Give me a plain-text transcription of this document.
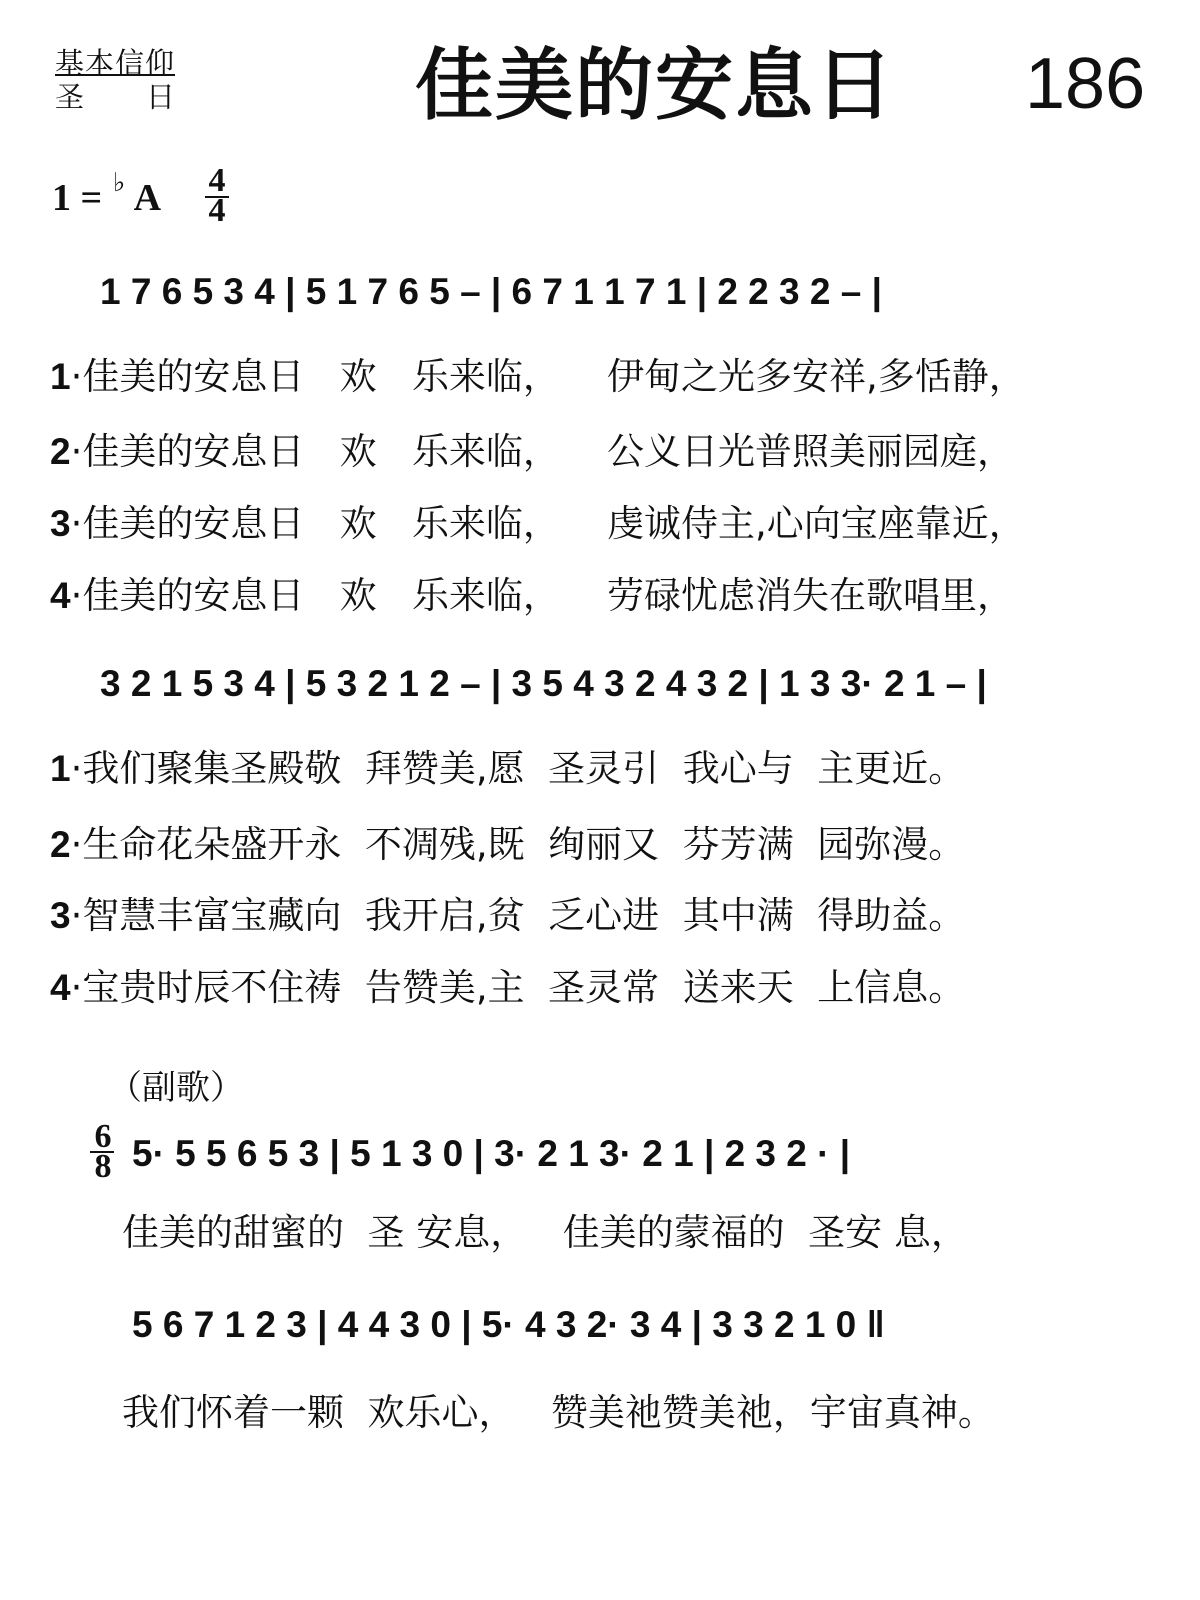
基本信仰
圣日 佳美的安息日 186
1 = A
♭ 4
4
1 7 6 5 3 4 | 5 1 7 6 5 – | 6 7 1 1 7 1 | 2 2 3 2 – |
1·佳美的安息日 欢 乐来临， 伊甸之光多安祥,多恬静，
2·佳美的安息日 欢 乐来临， 公义日光普照美丽园庭，
3·佳美的安息日 欢 乐来临， 虔诚侍主,心向宝座靠近，
4·佳美的安息日 欢 乐来临， 劳碌忧虑消失在歌唱里，
3 2 1 5 3 4 | 5 3 2 1 2 – | 3 5 4 3 2 4 3 2 | 1 3 3· 2 1 – |
1·我们聚集圣殿敬 拜赞美,愿 圣灵引 我心与 主更近。
2·生命花朵盛开永 不凋残,既 绚丽又 芬芳满 园弥漫。
3·智慧丰富宝藏向 我开启,贫 乏心进 其中满 得助益。
4·宝贵时辰不住祷 告赞美,主 圣灵常 送来天 上信息。
（副歌）
6
8 5· 5 5 6 5 3 | 5 1 3 0 | 3· 2 1 3· 2 1 | 2 3 2 · |
佳美的甜蜜的 圣 安息， 佳美的蒙福的 圣安 息，
5 6 7 1 2 3 | 4 4 3 0 | 5· 4 3 2· 3 4 | 3 3 2 1 0 ‖
我们怀着一颗 欢乐心， 赞美祂赞美祂，宇宙真神。
